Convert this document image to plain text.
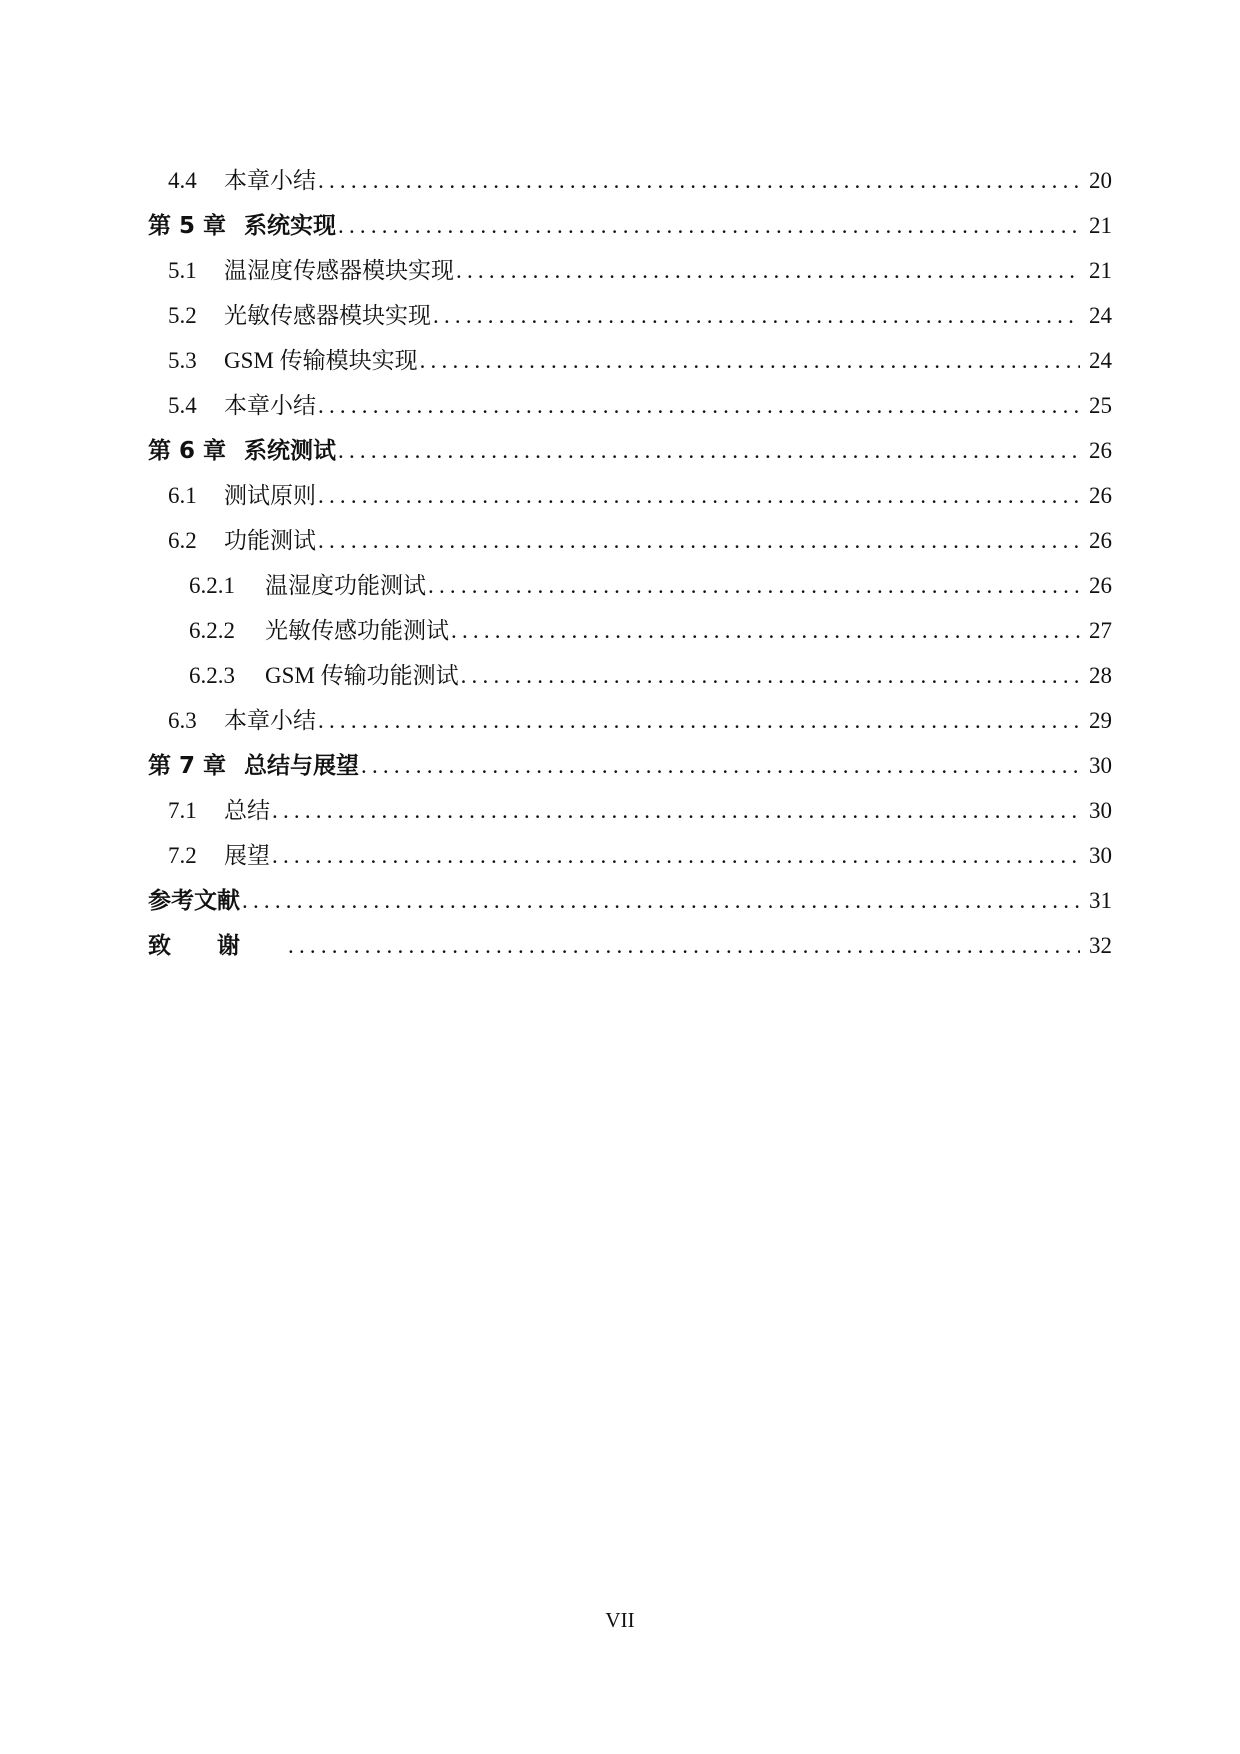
4.4	本章小结 .....	20
第 5 章 系统实现 .....	21
5.1	温湿度传感器模块实现 .....	21
5.2	光敏传感器模块实现 .....	24
5.3	GSM 传输模块实现 .....	24
5.4	本章小结 .....	25
第 6 章 系统测试 .....	26
6.1	测试原则 .....	26
6.2	功能测试 .....	26
6.2.1	温湿度功能测试 .....	26
6.2.2	光敏传感功能测试 .....	27
6.2.3	GSM 传输功能测试 .....	28
6.3	本章小结 .....	29
第 7 章 总结与展望 .....	30
7.1	总结 .....	30
7.2	展望 .....	30
参考文献 .....	31
致谢 .....	32
VII
